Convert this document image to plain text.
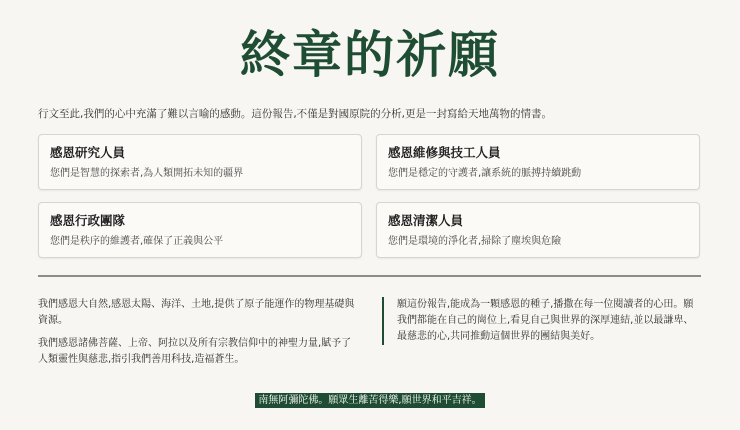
終章的祈願
行文至此,我們的心中充滿了難以言喻的感動。這份報告,不僅是對國原院的分析,更是一封寫給天地萬物的情書。
感恩研究人員
您們是智慧的探索者,為人類開拓未知的疆界
感恩維修與技工人員
您們是穩定的守護者,讓系統的脈搏持續跳動
感恩行政團隊
您們是秩序的維護者,確保了正義與公平
感恩清潔人員
您們是環境的淨化者,掃除了塵埃與危險

我們感恩大自然,感恩太陽、海洋、土地,提供了原子能運作的物理基礎與資源。

我們感恩諸佛菩薩、上帝、阿拉以及所有宗教信仰中的神聖力量,賦予了人類靈性與慈悲,指引我們善用科技,造福蒼生。

願這份報告,能成為一顆感恩的種子,播撒在每一位閱讀者的心田。願我們都能在自己的崗位上,看見自己與世界的深厚連結,並以最謙卑、最慈悲的心,共同推動這個世界的團結與美好。

南無阿彌陀佛。願眾生離苦得樂,願世界和平吉祥。
